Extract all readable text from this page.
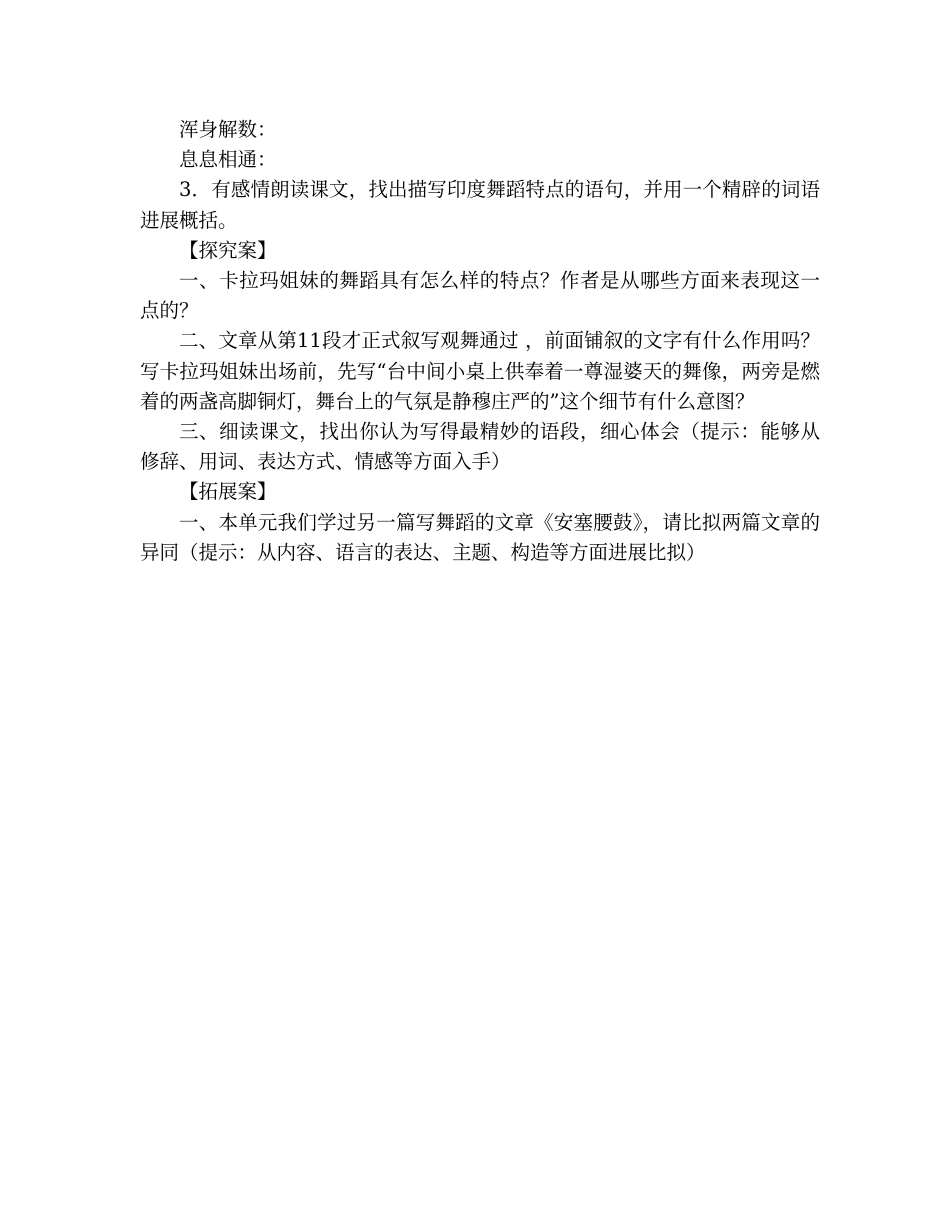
浑身解数：

息息相通：

3．有感情朗读课文，找出描写印度舞蹈特点的语句，并用一个精辟的词语进展概括。

【探究案】

一、卡拉玛姐妹的舞蹈具有怎么样的特点？作者是从哪些方面来表现这一点的？

二、文章从第11段才正式叙写观舞通过 ，前面铺叙的文字有什么作用吗？写卡拉玛姐妹出场前，先写“台中间小桌上供奉着一尊湿婆天的舞像，两旁是燃着的两盏高脚铜灯，舞台上的气氛是静穆庄严的”这个细节有什么意图？

三、细读课文，找出你认为写得最精妙的语段，细心体会（提示：能够从修辞、用词、表达方式、情感等方面入手）

【拓展案】

一、本单元我们学过另一篇写舞蹈的文章《安塞腰鼓》，请比拟两篇文章的异同（提示：从内容、语言的表达、主题、构造等方面进展比拟）
